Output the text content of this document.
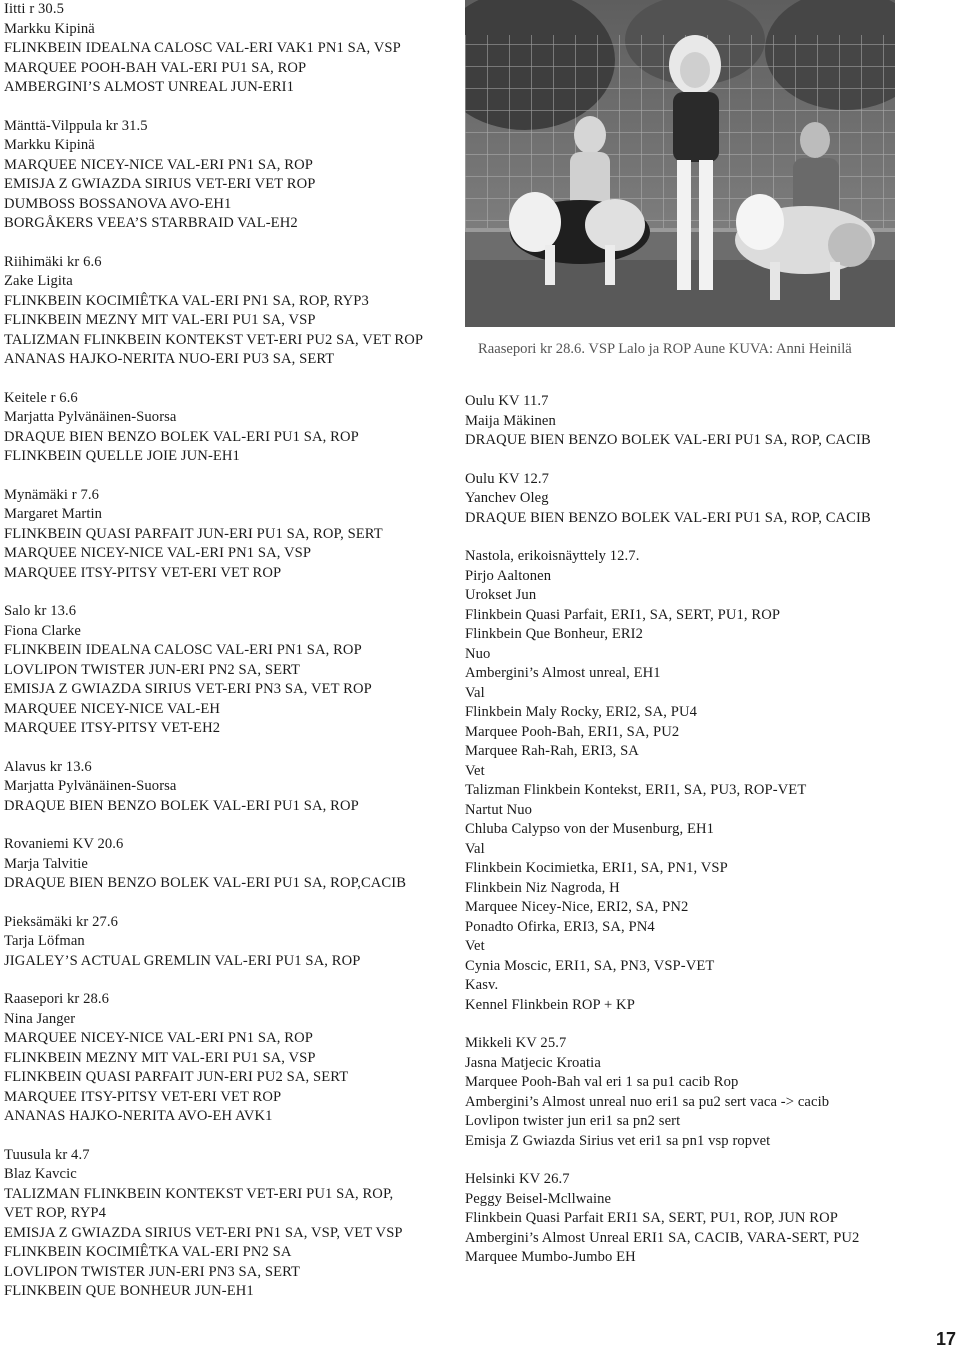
Iitti r 30.5
Markku Kipinä
FLINKBEIN IDEALNA CALOSC VAL-ERI VAK1 PN1 SA, VSP
MARQUEE POOH-BAH VAL-ERI PU1 SA, ROP
AMBERGINI’S ALMOST UNREAL JUN-ERI1
Mänttä-Vilppula kr 31.5
Markku Kipinä
MARQUEE NICEY-NICE VAL-ERI PN1 SA, ROP
EMISJA Z GWIAZDA SIRIUS VET-ERI VET ROP
DUMBOSS BOSSANOVA AVO-EH1
BORGÅKERS VEEA’S STARBRAID VAL-EH2
Riihimäki kr 6.6
Zake Ligita
FLINKBEIN KOCIMIÊTKA VAL-ERI PN1 SA, ROP, RYP3
FLINKBEIN MEZNY MIT VAL-ERI PU1 SA, VSP
TALIZMAN FLINKBEIN KONTEKST VET-ERI PU2 SA, VET ROP
ANANAS HAJKO-NERITA NUO-ERI PU3 SA, SERT
Keitele r 6.6
Marjatta Pylvänäinen-Suorsa
DRAQUE BIEN BENZO BOLEK VAL-ERI PU1 SA, ROP
FLINKBEIN QUELLE JOIE JUN-EH1
Mynämäki r 7.6
Margaret Martin
FLINKBEIN QUASI PARFAIT JUN-ERI PU1 SA, ROP, SERT
MARQUEE NICEY-NICE VAL-ERI PN1 SA, VSP
MARQUEE ITSY-PITSY VET-ERI VET ROP
Salo kr 13.6
Fiona Clarke
FLINKBEIN IDEALNA CALOSC VAL-ERI PN1 SA, ROP
LOVLIPON TWISTER JUN-ERI PN2 SA, SERT
EMISJA Z GWIAZDA SIRIUS VET-ERI PN3 SA, VET ROP
MARQUEE NICEY-NICE VAL-EH
MARQUEE ITSY-PITSY VET-EH2
Alavus kr 13.6
Marjatta Pylvänäinen-Suorsa
DRAQUE BIEN BENZO BOLEK VAL-ERI PU1 SA, ROP
Rovaniemi KV 20.6
Marja Talvitie
DRAQUE BIEN BENZO BOLEK VAL-ERI PU1 SA, ROP,CACIB
Pieksämäki kr 27.6
Tarja Löfman
JIGALEY’S ACTUAL GREMLIN VAL-ERI PU1 SA, ROP
Raasepori kr 28.6
Nina Janger
MARQUEE NICEY-NICE VAL-ERI PN1 SA, ROP
FLINKBEIN MEZNY MIT VAL-ERI PU1 SA, VSP
FLINKBEIN QUASI PARFAIT JUN-ERI PU2 SA, SERT
MARQUEE ITSY-PITSY VET-ERI VET ROP
ANANAS HAJKO-NERITA AVO-EH AVK1
Tuusula kr 4.7
Blaz Kavcic
TALIZMAN FLINKBEIN KONTEKST VET-ERI PU1 SA, ROP,
VET ROP, RYP4
EMISJA Z GWIAZDA SIRIUS VET-ERI PN1 SA, VSP, VET VSP
FLINKBEIN KOCIMIÊTKA VAL-ERI PN2 SA
LOVLIPON TWISTER JUN-ERI PN3 SA, SERT
FLINKBEIN QUE BONHEUR JUN-EH1
Raasepori kr 28.6. VSP Lalo ja ROP Aune KUVA: Anni Heinilä
Oulu KV 11.7
Maija Mäkinen
DRAQUE BIEN BENZO BOLEK VAL-ERI PU1 SA, ROP, CACIB
Oulu KV 12.7
Yanchev Oleg
DRAQUE BIEN BENZO BOLEK VAL-ERI PU1 SA, ROP, CACIB
Nastola, erikoisnäyttely 12.7.
Pirjo Aaltonen
Urokset Jun
Flinkbein Quasi Parfait, ERI1, SA, SERT, PU1, ROP
Flinkbein Que Bonheur, ERI2
Nuo
Ambergini’s Almost unreal, EH1
Val
Flinkbein Maly Rocky, ERI2, SA, PU4
Marquee Pooh-Bah, ERI1, SA, PU2
Marquee Rah-Rah, ERI3, SA
Vet
Talizman Flinkbein Kontekst, ERI1, SA, PU3, ROP-VET
Nartut Nuo
Chluba Calypso von der Musenburg, EH1
Val
Flinkbein Kocimietka, ERI1, SA, PN1, VSP
Flinkbein Niz Nagroda, H
Marquee Nicey-Nice, ERI2, SA, PN2
Ponadto Ofirka, ERI3, SA, PN4
Vet
Cynia Moscic, ERI1, SA, PN3, VSP-VET
Kasv.
Kennel Flinkbein ROP + KP
Mikkeli KV 25.7
Jasna Matjecic Kroatia
Marquee Pooh-Bah val eri 1 sa pu1 cacib Rop
Ambergini’s Almost unreal nuo eri1 sa pu2 sert vaca -> cacib
Lovlipon twister jun eri1 sa pn2 sert
Emisja Z Gwiazda Sirius vet eri1 sa pn1 vsp ropvet
Helsinki KV 26.7
Peggy Beisel-Mcllwaine
Flinkbein Quasi Parfait ERI1 SA, SERT, PU1, ROP, JUN ROP
Ambergini’s Almost Unreal ERI1 SA, CACIB, VARA-SERT, PU2
Marquee Mumbo-Jumbo EH
17
